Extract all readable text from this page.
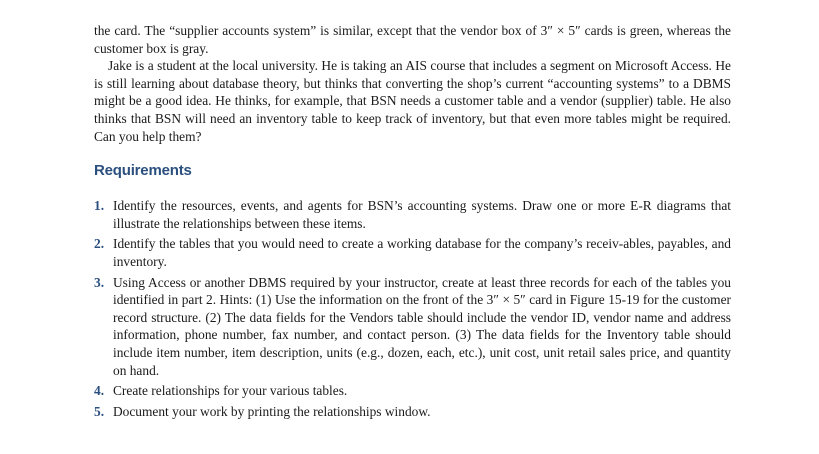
the card. The “supplier accounts system” is similar, except that the vendor box of 3″ × 5″ cards is green, whereas the customer box is gray.

Jake is a student at the local university. He is taking an AIS course that includes a segment on Microsoft Access. He is still learning about database theory, but thinks that converting the shop’s current “accounting systems” to a DBMS might be a good idea. He thinks, for example, that BSN needs a customer table and a vendor (supplier) table. He also thinks that BSN will need an inventory table to keep track of inventory, but that even more tables might be required. Can you help them?

Requirements
1. Identify the resources, events, and agents for BSN’s accounting systems. Draw one or more E-R diagrams that illustrate the relationships between these items.
2. Identify the tables that you would need to create a working database for the company’s receiv-ables, payables, and inventory.
3. Using Access or another DBMS required by your instructor, create at least three records for each of the tables you identified in part 2. Hints: (1) Use the information on the front of the 3″ × 5″ card in Figure 15-19 for the customer record structure. (2) The data fields for the Vendors table should include the vendor ID, vendor name and address information, phone number, fax number, and contact person. (3) The data fields for the Inventory table should include item number, item description, units (e.g., dozen, each, etc.), unit cost, unit retail sales price, and quantity on hand.
4. Create relationships for your various tables.
5. Document your work by printing the relationships window.
